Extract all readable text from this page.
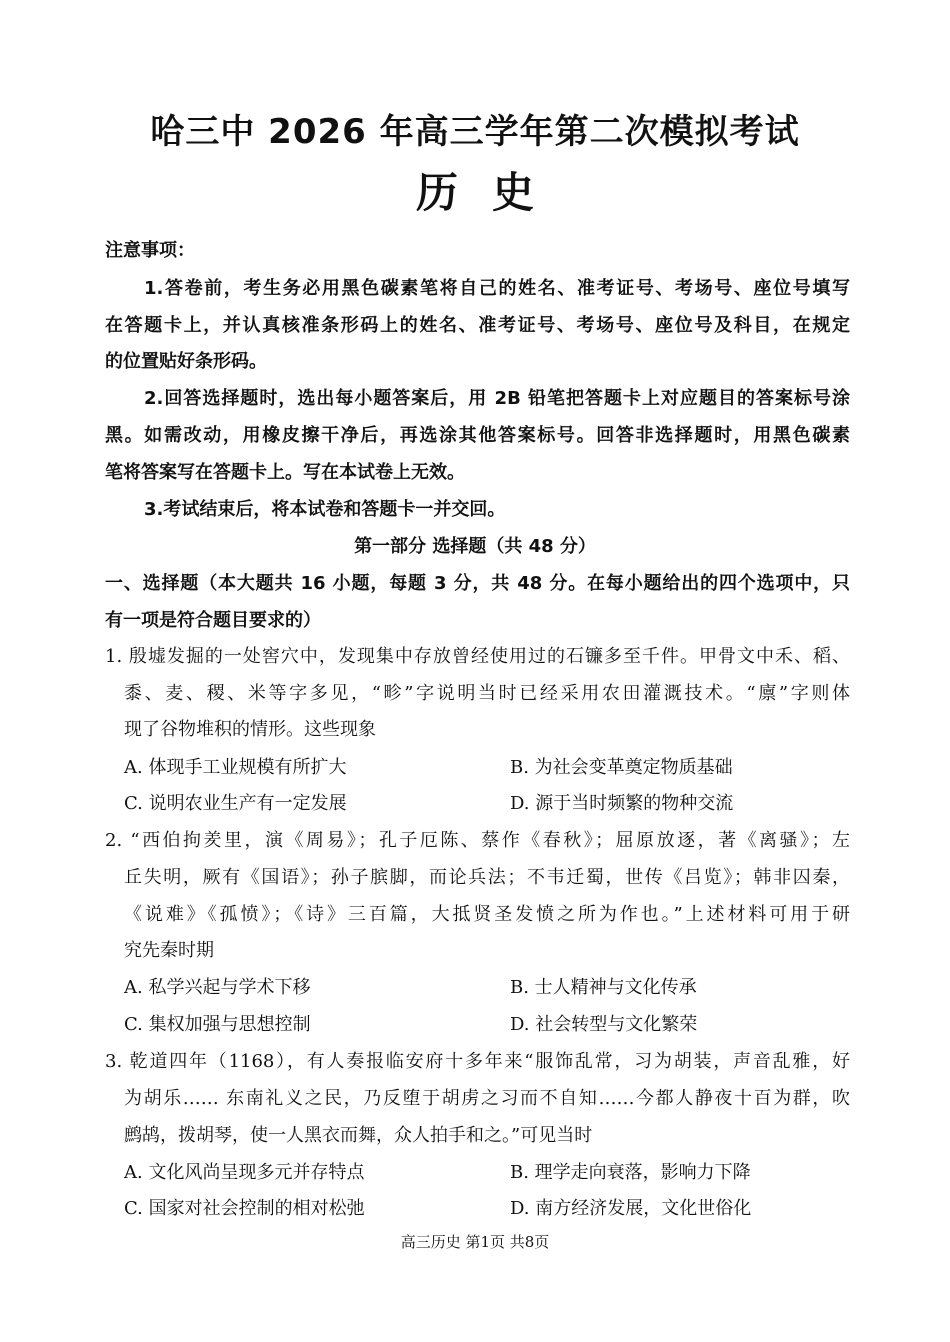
哈三中 2026 年高三学年第二次模拟考试
历史
注意事项：
1.答卷前，考生务必用黑色碳素笔将自己的姓名、准考证号、考场号、座位号填写
在答题卡上，并认真核准条形码上的姓名、准考证号、考场号、座位号及科目，在规定
的位置贴好条形码。
2.回答选择题时，选出每小题答案后，用 2B 铅笔把答题卡上对应题目的答案标号涂
黑。如需改动，用橡皮擦干净后，再选涂其他答案标号。回答非选择题时，用黑色碳素
笔将答案写在答题卡上。写在本试卷上无效。
3.考试结束后，将本试卷和答题卡一并交回。
第一部分 选择题（共 48 分）
一、选择题（本大题共 16 小题，每题 3 分，共 48 分。在每小题给出的四个选项中，只
有一项是符合题目要求的）
1. 殷墟发掘的一处窖穴中，发现集中存放曾经使用过的石镰多至千件。甲骨文中禾、稻、
黍、麦、稷、米等字多见，“畛”字说明当时已经采用农田灌溉技术。“廪”字则体
现了谷物堆积的情形。这些现象
A. 体现手工业规模有所扩大	B. 为社会变革奠定物质基础
C. 说明农业生产有一定发展	D. 源于当时频繁的物种交流
2. “西伯拘羑里，演《周易》；孔子厄陈、蔡作《春秋》；屈原放逐，著《离骚》；左
丘失明，厥有《国语》；孙子膑脚，而论兵法；不韦迁蜀，世传《吕览》；韩非囚秦，
《说难》《孤愤》；《诗》三百篇，大抵贤圣发愤之所为作也。”上述材料可用于研
究先秦时期
A. 私学兴起与学术下移	B. 士人精神与文化传承
C. 集权加强与思想控制	D. 社会转型与文化繁荣
3. 乾道四年（1168），有人奏报临安府十多年来“服饰乱常，习为胡装，声音乱雅，好
为胡乐…… 东南礼义之民，乃反堕于胡虏之习而不自知……今都人静夜十百为群，吹
鹧鸪，拨胡琴，使一人黑衣而舞，众人拍手和之。”可见当时
A. 文化风尚呈现多元并存特点	B. 理学走向衰落，影响力下降
C. 国家对社会控制的相对松弛	D. 南方经济发展，文化世俗化
高三历史 第1页 共8页
